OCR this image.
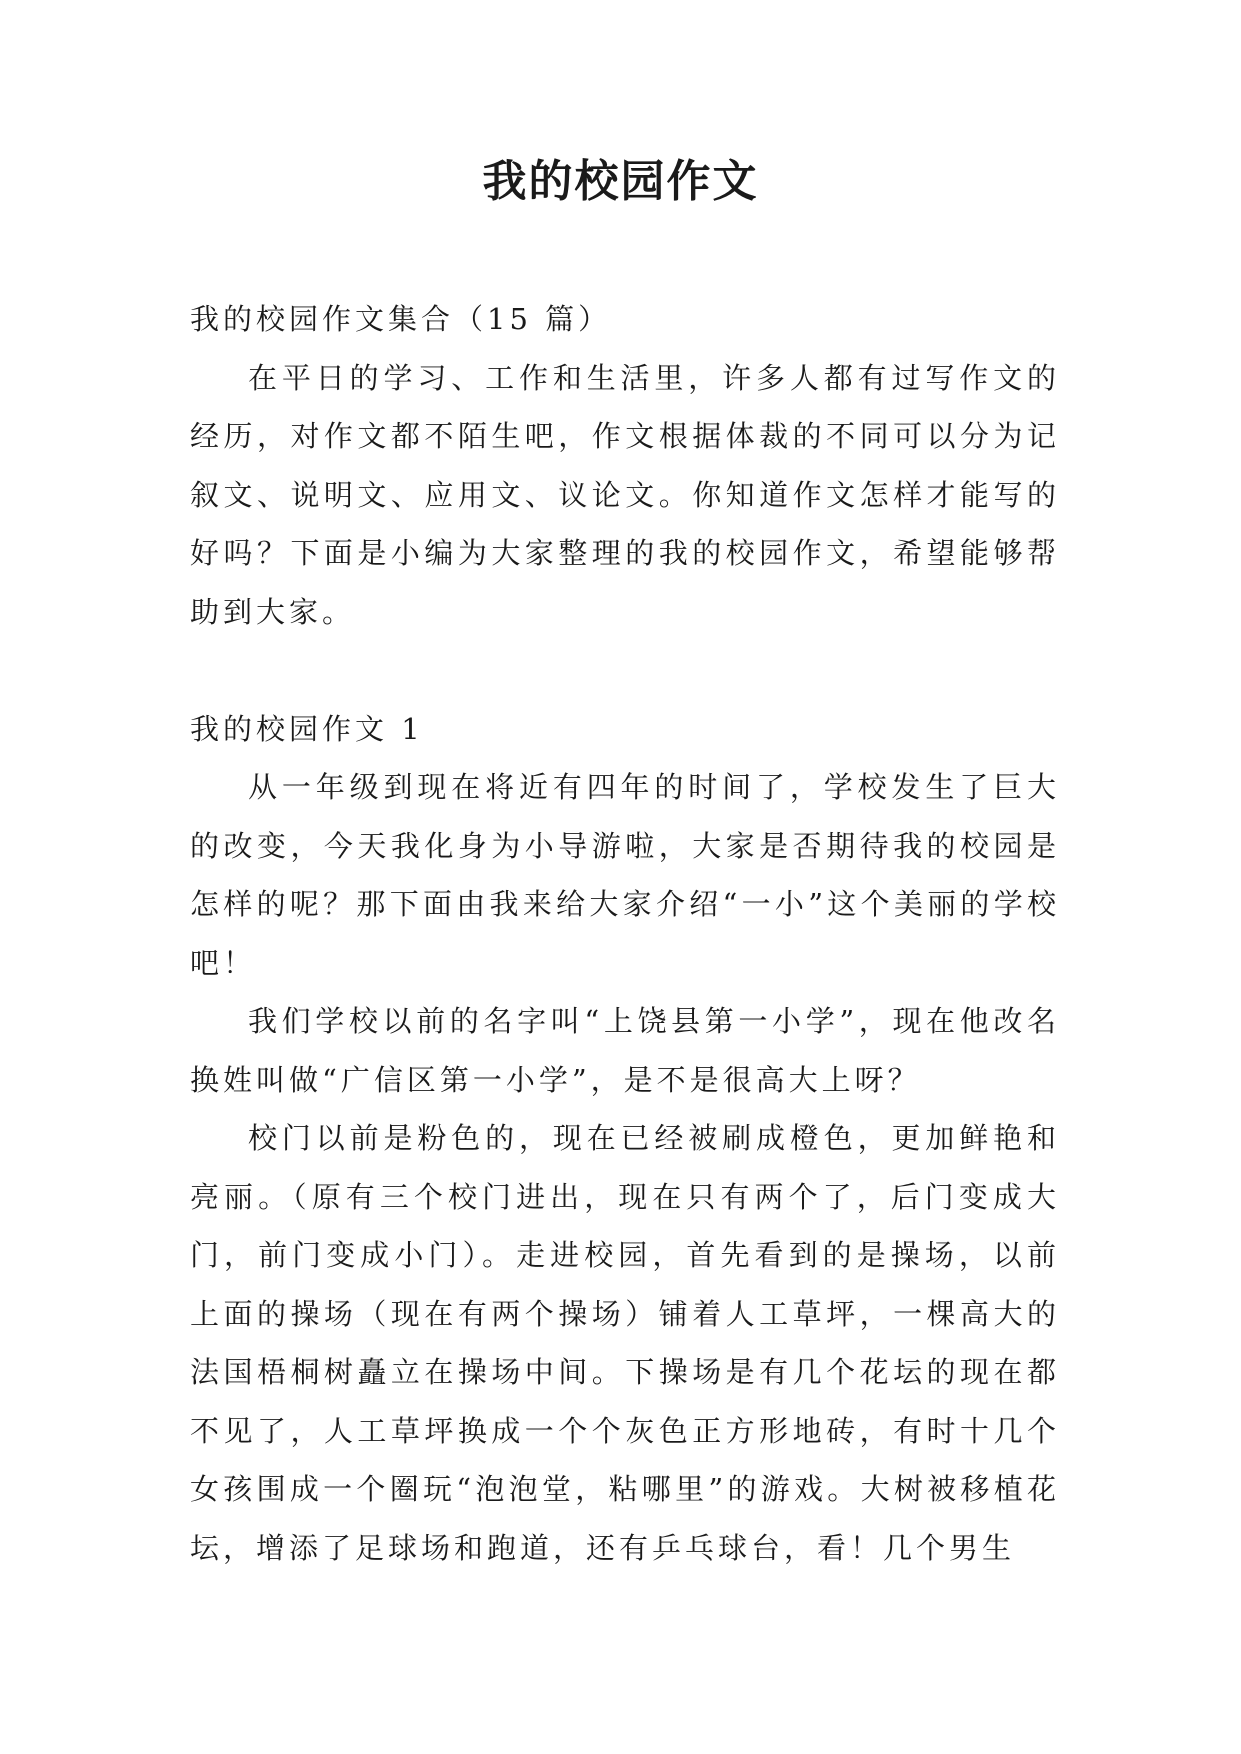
我的校园作文

我的校园作文集合（15 篇）

在平日的学习、工作和生活里，许多人都有过写作文的经历，对作文都不陌生吧，作文根据体裁的不同可以分为记叙文、说明文、应用文、议论文。你知道作文怎样才能写的好吗？下面是小编为大家整理的我的校园作文，希望能够帮助到大家。

我的校园作文 1

从一年级到现在将近有四年的时间了，学校发生了巨大的改变，今天我化身为小导游啦，大家是否期待我的校园是怎样的呢？那下面由我来给大家介绍“一小”这个美丽的学校吧！

我们学校以前的名字叫“上饶县第一小学”，现在他改名换姓叫做“广信区第一小学”，是不是很高大上呀？

校门以前是粉色的，现在已经被刷成橙色，更加鲜艳和亮丽。（原有三个校门进出，现在只有两个了，后门变成大门，前门变成小门）。走进校园，首先看到的是操场，以前上面的操场（现在有两个操场）铺着人工草坪，一棵高大的法国梧桐树矗立在操场中间。下操场是有几个花坛的现在都不见了，人工草坪换成一个个灰色正方形地砖，有时十几个女孩围成一个圈玩“泡泡堂，粘哪里”的游戏。大树被移植花坛，增添了足球场和跑道，还有乒乓球台，看！几个男生
